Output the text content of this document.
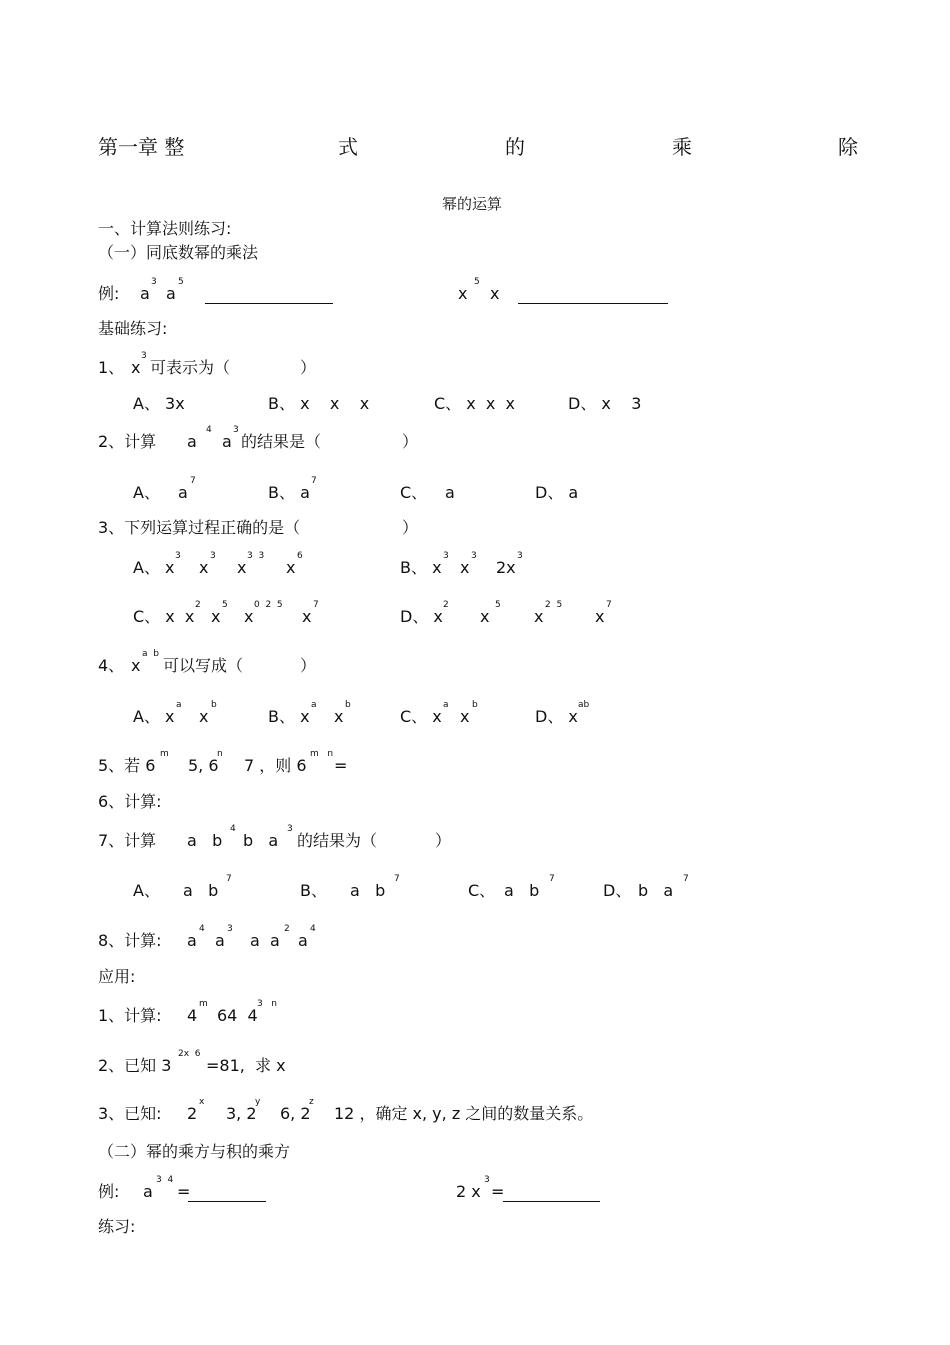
第一章 整	式	的	乘	除
幂的运算
一、计算法则练习:
（一）同底数幂的乘法
例: a
3
a
5
x
5
x
基础练习:
1、 x
3
可表示为（	）
A、 3x	B、 x    x    x	C、 x  x  x	D、 x    3
2、计算 a
4
a
3
的结果是（	）
A、 a
7
B、 a
7
C、 a	D、 a
3、下列运算过程正确的是（	）
A、 x
3
x
3
x
3  3
x
6
B、 x
3
x
3
2x
3
C、 x  x
2
x
5
x
0  2  5
x
7
D、 x
2
x
5
x
2  5
x
7
4、 x
a  b
可以写成（	）
A、 x
a
x
b
B、 x
a
x
b
C、 x
a
x
b
D、 x
ab
5、若 6
m
5, 6
n
7 ，则 6
m   n
=
6、计算:
7、计算 a   b
4
b   a
3
的结果为（	）
A、 a   b
7
B、 a   b
7
C、 a   b
7
D、 b   a
7
8、计算: a
4
a
3
a  a
2
a
4
应用:
1、计算: 4
m
64  4
3   n
2、已知 3
2x  6
=81,  求 x
3、已知: 2
x
3, 2
y
6, 2
z
12 ，确定 x, y, z 之间的数量关系。
（二）幂的乘方与积的乘方
例: a
3  4
=	2 x
3
=
练习:
